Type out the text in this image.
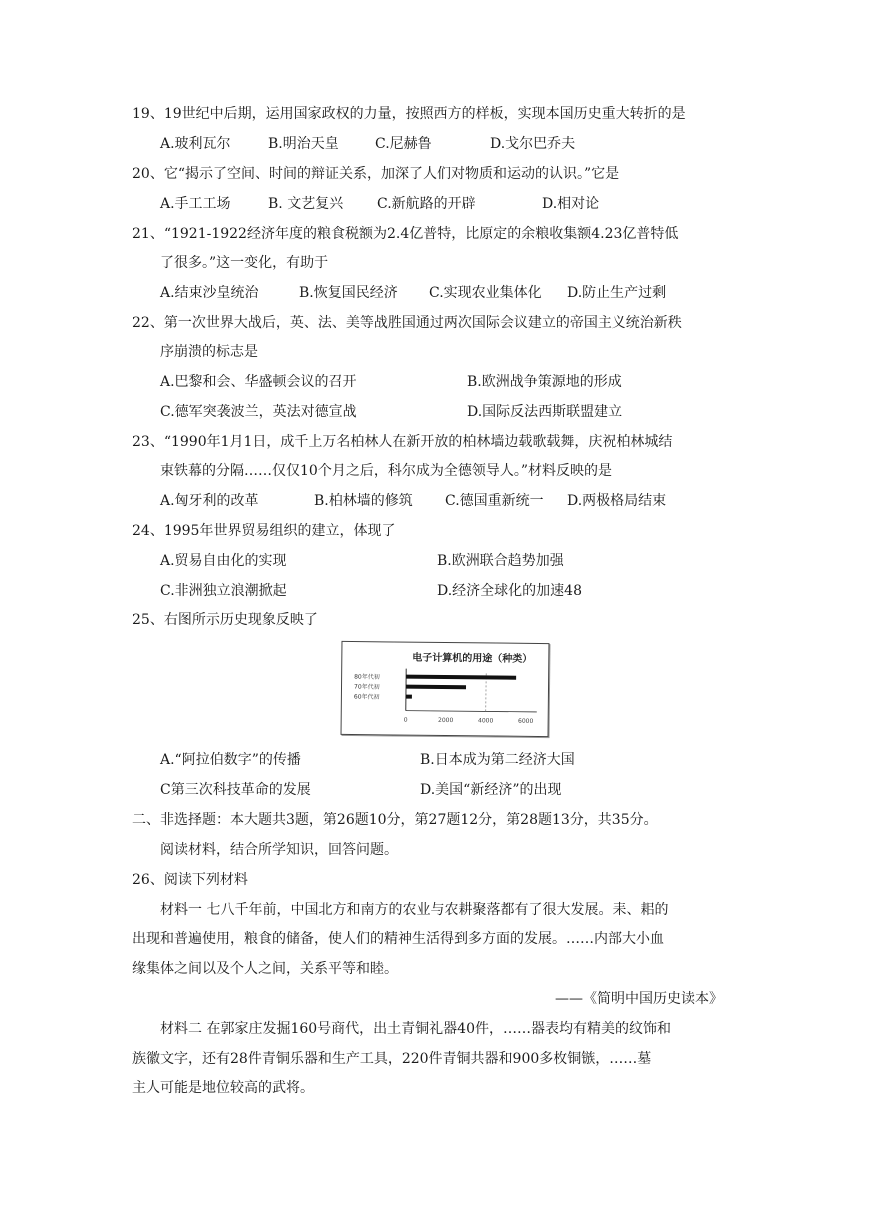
19、19世纪中后期，运用国家政权的力量，按照西方的样板，实现本国历史重大转折的是
A.玻利瓦尔	B.明治天皇	C.尼赫鲁	D.戈尔巴乔夫
20、它“揭示了空间、时间的辩证关系，加深了人们对物质和运动的认识。”它是
A.手工工场	B. 文艺复兴 C.新航路的开辟	D.相对论
21、“1921-1922经济年度的粮食税额为2.4亿普特，比原定的余粮收集额4.23亿普特低
了很多。”这一变化，有助于
A.结束沙皇统治	B.恢复国民经济 C.实现农业集体化 D.防止生产过剩
22、第一次世界大战后，英、法、美等战胜国通过两次国际会议建立的帝国主义统治新秩
序崩溃的标志是
A.巴黎和会、华盛顿会议的召开	B.欧洲战争策源地的形成
C.德军突袭波兰，英法对德宣战	D.国际反法西斯联盟建立
23、“1990年1月1日，成千上万名柏林人在新开放的柏林墙边载歌载舞，庆祝柏林城结
束铁幕的分隔……仅仅10个月之后，科尔成为全德领导人。”材料反映的是
A.匈牙利的改革	B.柏林墙的修筑 C.德国重新统一 D.两极格局结束
24、1995年世界贸易组织的建立，体现了
A.贸易自由化的实现	B.欧洲联合趋势加强
C.非洲独立浪潮掀起	D.经济全球化的加速48
25、右图所示历史现象反映了
电子计算机的用途（种类）
80年代初
70年代初
60年代初
0	2000	4000	6000
A.“阿拉伯数字”的传播	B.日本成为第二经济大国
C第三次科技革命的发展	D.美国“新经济”的出现
二、非选择题：本大题共3题，第26题10分，第27题12分，第28题13分，共35分。
阅读材料，结合所学知识，回答问题。
26、阅读下列材料
材料一 七八千年前，中国北方和南方的农业与农耕聚落都有了很大发展。耒、耜的
出现和普遍使用，粮食的储备，使人们的精神生活得到多方面的发展。……内部大小血
缘集体之间以及个人之间，关系平等和睦。
——《简明中国历史读本》
材料二 在郭家庄发掘160号商代，出土青铜礼器40件，……器表均有精美的纹饰和
族徽文字，还有28件青铜乐器和生产工具，220件青铜共器和900多枚铜镞，……墓
主人可能是地位较高的武将。
